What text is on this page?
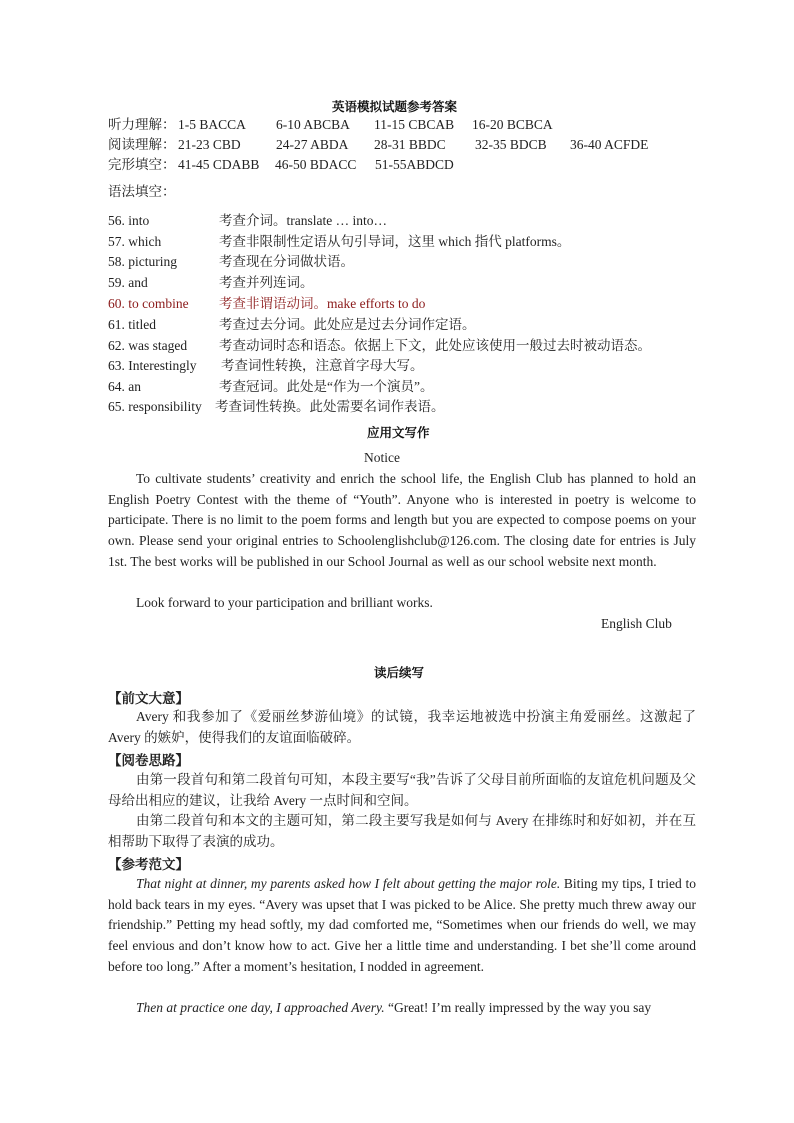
英语模拟试题参考答案
听力理解： 1-5 BACCA 6-10 ABCBA 11-15 CBCAB 16-20 BCBCA
阅读理解： 21-23 CBD	24-27 ABDA 28-31 BBDC 32-35 BDCB 36-40 ACFDE
完形填空： 41-45 CDABB 46-50 BDACC 51-55ABDCD
语法填空：
56. into	考查介词。translate … into…
57. which	考查非限制性定语从句引导词，这里 which 指代 platforms。
58. picturing	考查现在分词做状语。
59. and	考查并列连词。
60. to combine 考查非谓语动词。make efforts to do
61. titled	考查过去分词。此处应是过去分词作定语。
62. was staged 考查动词时态和语态。依据上下文，此处应该使用一般过去时被动语态。
63. Interestingly 考查词性转换，注意首字母大写。
64. an	考查冠词。此处是“作为一个演员”。
65. responsibility 考查词性转换。此处需要名词作表语。
应用文写作
Notice

To cultivate students’ creativity and enrich the school life, the English Club has planned to hold an English Poetry Contest with the theme of “Youth”. Anyone who is interested in poetry is welcome to participate. There is no limit to the poem forms and length but you are expected to compose poems on your own. Please send your original entries to Schoolenglishclub@126.com. The closing date for entries is July 1st. The best works will be published in our School Journal as well as our school website next month.

Look forward to your participation and brilliant works.

English Club
读后续写
【前文大意】

Avery 和我参加了《爱丽丝梦游仙境》的试镜，我幸运地被选中扮演主角爱丽丝。这激起了 Avery 的嫉妒，使得我们的友谊面临破碎。

【阅卷思路】

由第一段首句和第二段首句可知，本段主要写“我”告诉了父母目前所面临的友谊危机问题及父母给出相应的建议，让我给 Avery 一点时间和空间。

由第二段首句和本文的主题可知，第二段主要写我是如何与 Avery 在排练时和好如初，并在互相帮助下取得了表演的成功。

【参考范文】

That night at dinner, my parents asked how I felt about getting the major role. Biting my tips, I tried to hold back tears in my eyes. “Avery was upset that I was picked to be Alice. She pretty much threw away our friendship.” Petting my head softly, my dad comforted me, “Sometimes when our friends do well, we may feel envious and don’t know how to act. Give her a little time and understanding. I bet she’ll come around before too long.” After a moment’s hesitation, I nodded in agreement.

Then at practice one day, I approached Avery. “Great! I’m really impressed by the way you say
